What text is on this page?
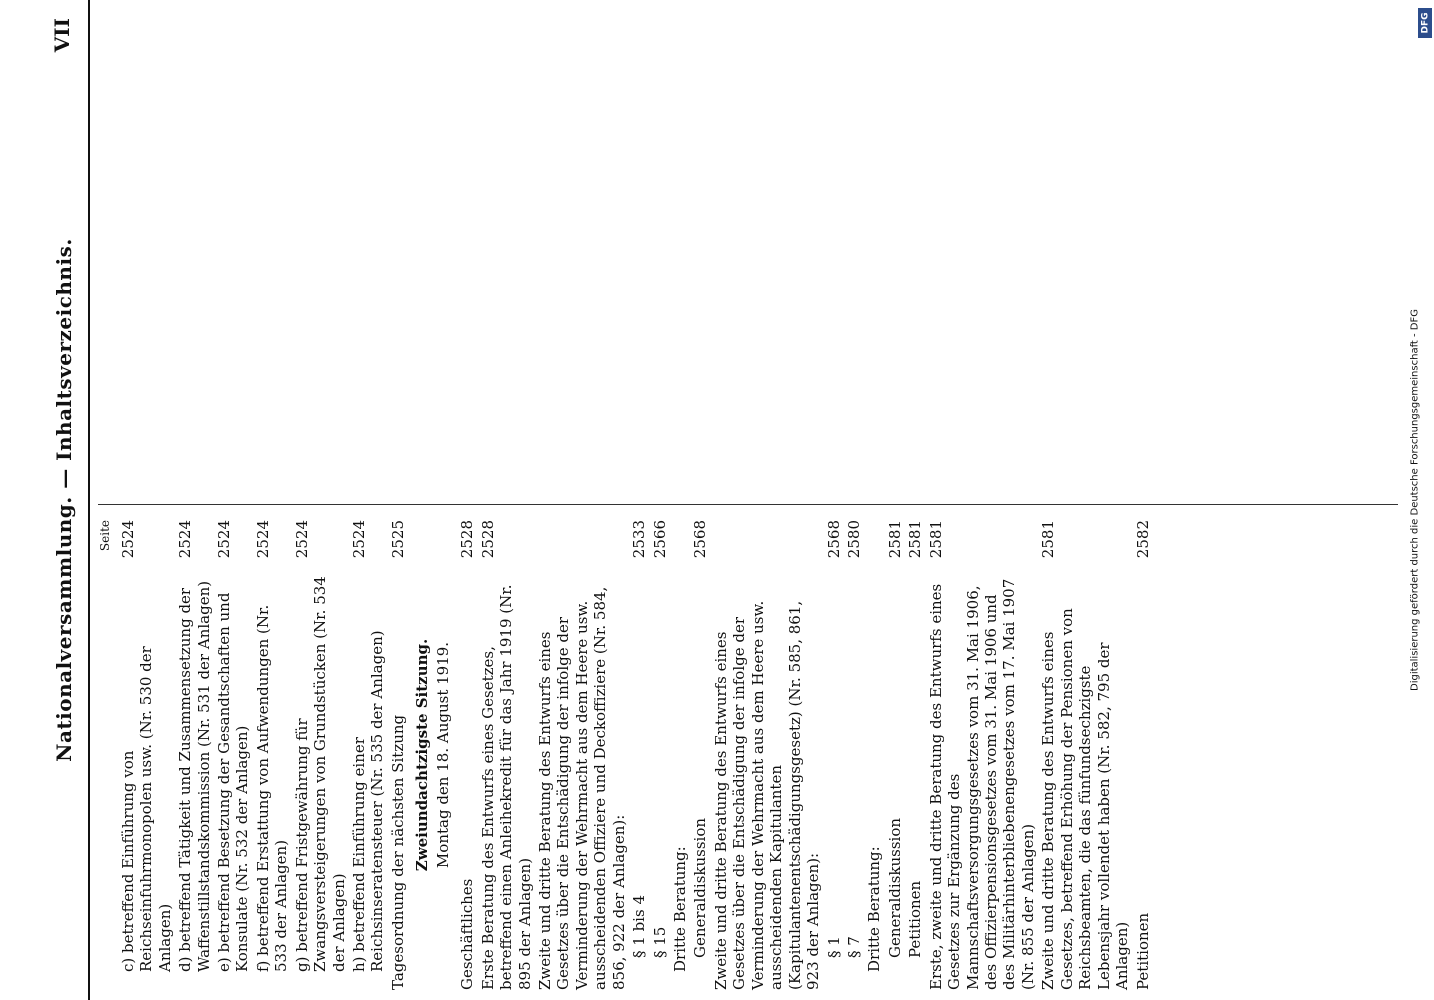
Nationalversammlung. — Inhaltsverzeichnis.
VII
Seite
c) betreffend Einführung von Reichseinfuhrmonopolen usw. (Nr. 530 der Anlagen)
2524
d) betreffend Tätigkeit und Zusammensetzung der Waffenstillstandskommission (Nr. 531 der Anlagen)
2524
e) betreffend Besetzung der Gesandtschaften und Konsulate (Nr. 532 der Anlagen)
2524
f) betreffend Erstattung von Aufwendungen (Nr. 533 der Anlagen)
2524
g) betreffend Fristgewährung für Zwangsversteigerungen von Grundstücken (Nr. 534 der Anlagen)
2524
h) betreffend Einführung einer Reichsinseratensteuer (Nr. 535 der Anlagen)
2524
Tagesordnung der nächsten Sitzung
2525
Zweiundachtzigste Sitzung. Montag den 18. August 1919.
Geschäftliches
2528
Erste Beratung des Entwurfs eines Gesetzes, betreffend einen Anleihekredit für das Jahr 1919 (Nr. 895 der Anlagen)
2528
Zweite und dritte Beratung des Entwurfs eines Gesetzes über die Entschädigung der infolge der Verminderung der Wehrmacht aus dem Heere usw. ausscheidenden Offiziere und Deckoffiziere (Nr. 584, 856, 922 der Anlagen): § 1 bis 4
2533
§ 15
2566
Dritte Beratung: Generaldiskussion
2568
Zweite und dritte Beratung des Entwurfs eines Gesetzes über die Entschädigung der infolge der Verminderung der Wehrmacht aus dem Heere usw. ausscheidenden Kapitulanten (Kapitulantenentschädigungsgesetz) (Nr. 585, 861, 923 der Anlagen): § 1
2568
§ 7
2580
Dritte Beratung: Generaldiskussion
2581
Petitionen
2581
Erste, zweite und dritte Beratung des Entwurfs eines Gesetzes zur Ergänzung des Mannschaftsversorgungsgesetzes vom 31. Mai 1906, des Offizierpensionsgesetzes vom 31. Mai 1906 und des Militärhinterbliebenengesetzes vom 17. Mai 1907 (Nr. 855 der Anlagen)
2581
Zweite und dritte Beratung des Entwurfs eines Gesetzes, betreffend Erhöhung der Pensionen von Reichsbeamten, die das fünfundsechzigste Lebensjahr vollendet haben (Nr. 582, 795 der Anlagen)
2581
Petitionen
2582	Digitalisierung gefördert durch die Deutsche Forschungsgemeinschaft - DFG
DFG
